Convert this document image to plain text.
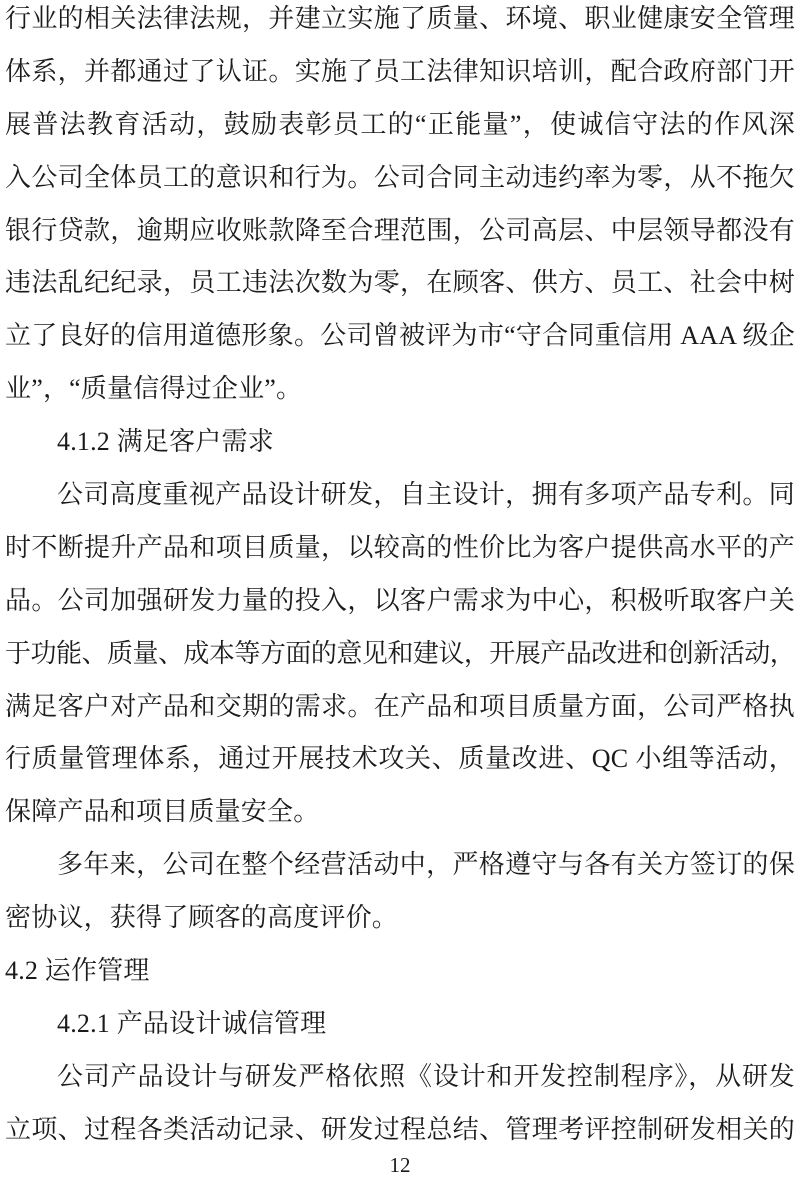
行业的相关法律法规，并建立实施了质量、环境、职业健康安全管理
体系，并都通过了认证。实施了员工法律知识培训，配合政府部门开
展普法教育活动，鼓励表彰员工的“正能量”，使诚信守法的作风深
入公司全体员工的意识和行为。公司合同主动违约率为零，从不拖欠
银行贷款，逾期应收账款降至合理范围，公司高层、中层领导都没有
违法乱纪纪录，员工违法次数为零，在顾客、供方、员工、社会中树
立了良好的信用道德形象。公司曾被评为市“守合同重信用 AAA 级企
业”，“质量信得过企业”。
4.1.2 满足客户需求
公司高度重视产品设计研发，自主设计，拥有多项产品专利。同
时不断提升产品和项目质量，以较高的性价比为客户提供高水平的产
品。公司加强研发力量的投入，以客户需求为中心，积极听取客户关
于功能、质量、成本等方面的意见和建议，开展产品改进和创新活动，
满足客户对产品和交期的需求。在产品和项目质量方面，公司严格执
行质量管理体系，通过开展技术攻关、质量改进、QC 小组等活动，
保障产品和项目质量安全。
多年来，公司在整个经营活动中，严格遵守与各有关方签订的保
密协议，获得了顾客的高度评价。
4.2 运作管理
4.2.1 产品设计诚信管理
公司产品设计与研发严格依照《设计和开发控制程序》，从研发
立项、过程各类活动记录、研发过程总结、管理考评控制研发相关的
12
